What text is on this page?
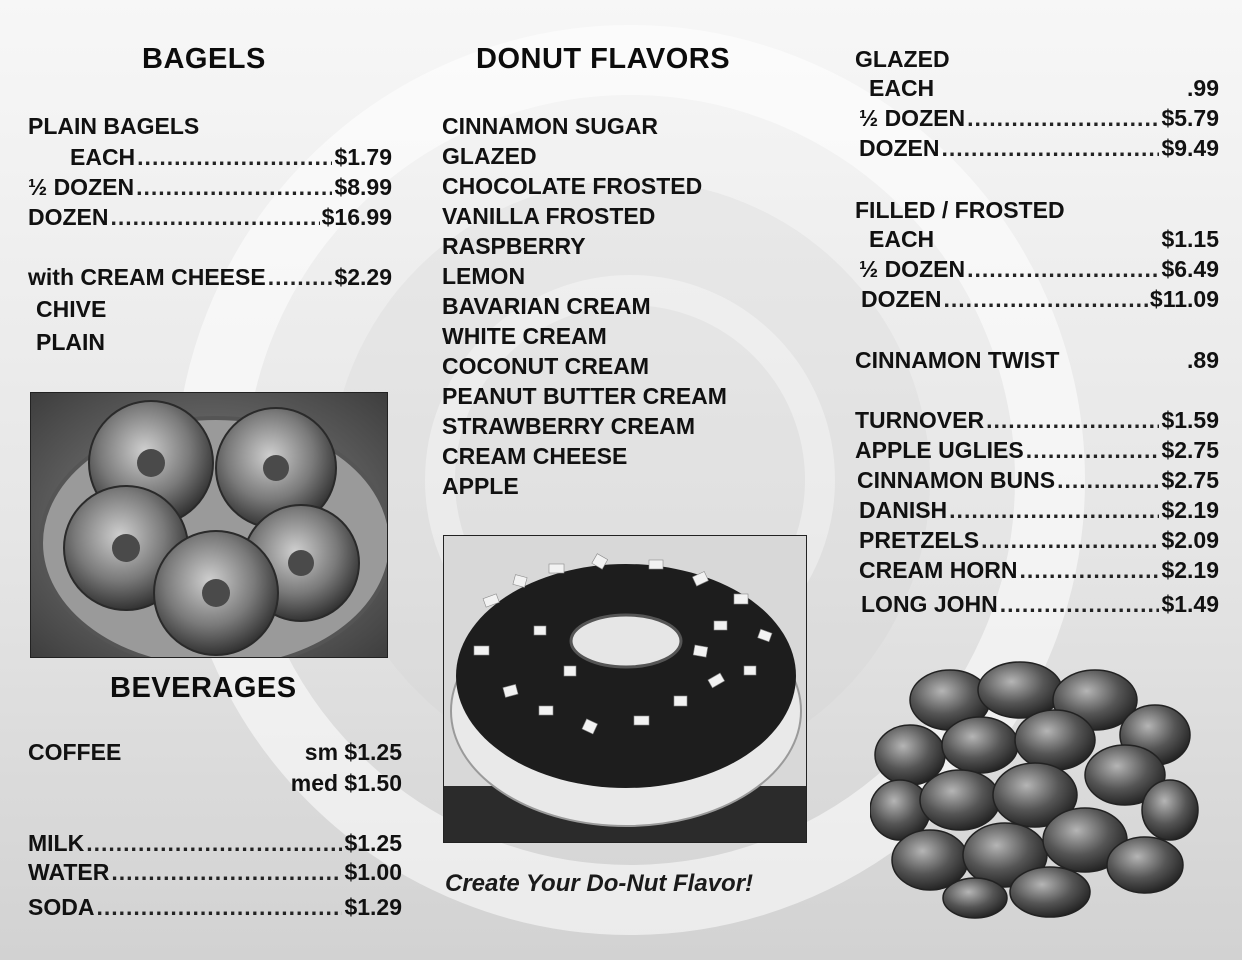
BAGELS
PLAIN BAGELS
EACH .....	$1.79
½ DOZEN .....	$8.99
DOZEN .....	$16.99
with CREAM CHEESE .....	$2.29
CHIVE
PLAIN
BEVERAGES
COFFEE	sm $1.25
med $1.50
MILK .....	$1.25
WATER .....	$1.00
SODA .....	$1.29
DONUT FLAVORS
CINNAMON SUGAR
GLAZED
CHOCOLATE FROSTED
VANILLA FROSTED
RASPBERRY
LEMON
BAVARIAN CREAM
WHITE CREAM
COCONUT CREAM
PEANUT BUTTER CREAM
STRAWBERRY CREAM
CREAM CHEESE
APPLE
Create Your Do-Nut Flavor!
GLAZED
EACH	.99
½ DOZEN .....	$5.79
DOZEN .....	$9.49
FILLED / FROSTED
EACH	$1.15
½ DOZEN .....	$6.49
DOZEN .....	$11.09
CINNAMON TWIST	.89
TURNOVER .....	$1.59
APPLE UGLIES .....	$2.75
CINNAMON BUNS .....	$2.75
DANISH .....	$2.19
PRETZELS .....	$2.09
CREAM HORN .....	$2.19
LONG JOHN .....	$1.49
